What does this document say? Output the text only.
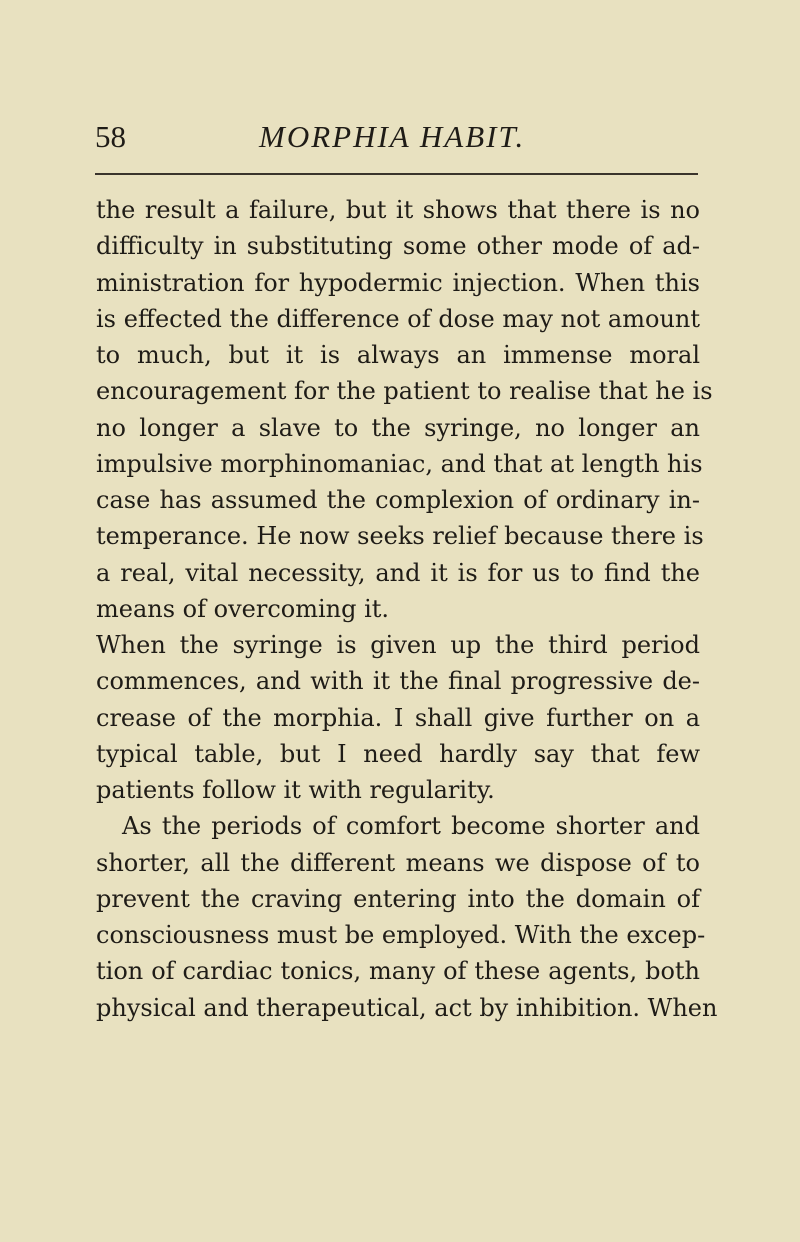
58	MORPHIA HABIT.
the result a failure, but it shows that there is no
difficulty in substituting some other mode of ad-
ministration for hypodermic injection. When this
is effected the difference of dose may not amount
to much, but it is always an immense moral
encouragement for the patient to realise that he is
no longer a slave to the syringe, no longer an
impulsive morphinomaniac, and that at length his
case has assumed the complexion of ordinary in-
temperance. He now seeks relief because there is
a real, vital necessity, and it is for us to find the
means of overcoming it.
When the syringe is given up the third period
commences, and with it the final progressive de-
crease of the morphia. I shall give further on a
typical table, but I need hardly say that few
patients follow it with regularity.
As the periods of comfort become shorter and
shorter, all the different means we dispose of to
prevent the craving entering into the domain of
consciousness must be employed. With the excep-
tion of cardiac tonics, many of these agents, both
physical and therapeutical, act by inhibition. When
